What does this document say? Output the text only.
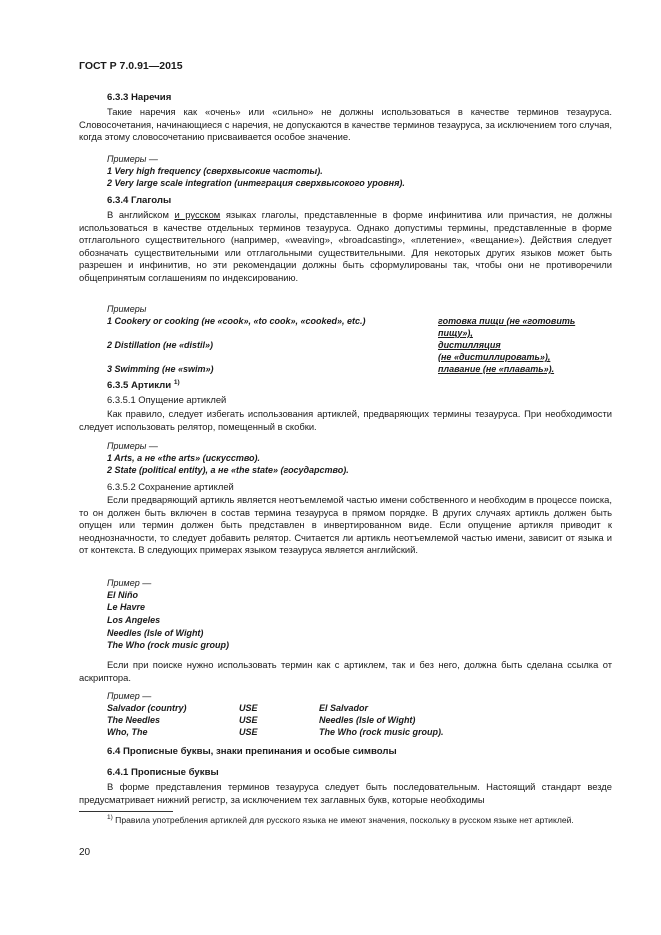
ГОСТ Р 7.0.91—2015
6.3.3 Наречия
Такие наречия как «очень» или «сильно» не должны использоваться в качестве терминов тезауруса. Словосочетания, начинающиеся с наречия, не допускаются в качестве терминов тезауруса, за исключением того случая, когда этому словосочетанию присваивается особое значение.
Примеры —
1 Very high frequency (сверхвысокие частоты).
2 Very large scale integration (интеграция сверхвысокого уровня).
6.3.4 Глаголы
В английском и русском языках глаголы, представленные в форме инфинитива или причастия, не должны использоваться в качестве отдельных терминов тезауруса. Однако допустимы термины, представленные в форме отглагольного существительного (например, «weaving», «broadcasting», «плетение», «вещание»). Действия следует обозначать существительными или отглагольными существительными. Для некоторых других языков может быть разрешен и инфинитив, но эти рекомендации должны быть сформулированы так, чтобы они не противоречили общепринятым соглашениям по индексированию.
Примеры
1 Cookery or cooking (не «cook», «to cook», «cooked», etc.)	готовка пищи (не «готовить
пищу»),
2 Distillation (не «distil»)	дистилляция
(не «дистиллировать»),
3 Swimming (не «swim»)	плавание (не «плавать»).
6.3.5 Артикли $^{1)}$
6.3.5.1 Опущение артиклей
Как правило, следует избегать использования артиклей, предваряющих термины тезауруса. При необходимости следует использовать релятор, помещенный в скобки.
Примеры —
1 Arts, а не «the arts» (искусство).
2 State (political entity), а не «the state» (государство).
6.3.5.2 Сохранение артиклей
Если предваряющий артикль является неотъемлемой частью имени собственного и необходим в процессе поиска, то он должен быть включен в состав термина тезауруса в прямом порядке. В других случаях артикль должен быть опущен или термин должен быть представлен в инвертированном виде. Если опущение артикля приводит к неоднозначности, то следует добавить релятор. Считается ли артикль неотъемлемой частью имени, зависит от языка и от контекста. В следующих примерах языком тезауруса является английский.
Пример —
El Niño
Le Havre
Los Angeles
Needles (Isle of Wight)
The Who (rock music group)
Если при поиске нужно использовать термин как с артиклем, так и без него, должна быть сделана ссылка от аскриптора.
Пример —
Salvador (country)	USE	El Salvador
The Needles	USE	Needles (Isle of Wight)
Who, The	USE	The Who (rock music group).
6.4 Прописные буквы, знаки препинания и особые символы
6.4.1 Прописные буквы
В форме представления терминов тезауруса следует быть последовательным. Настоящий стандарт везде предусматривает нижний регистр, за исключением тех заглавных букв, которые необходимы
$^{1)}$ Правила употребления артиклей для русского языка не имеют значения, поскольку в русском языке нет артиклей.
20
